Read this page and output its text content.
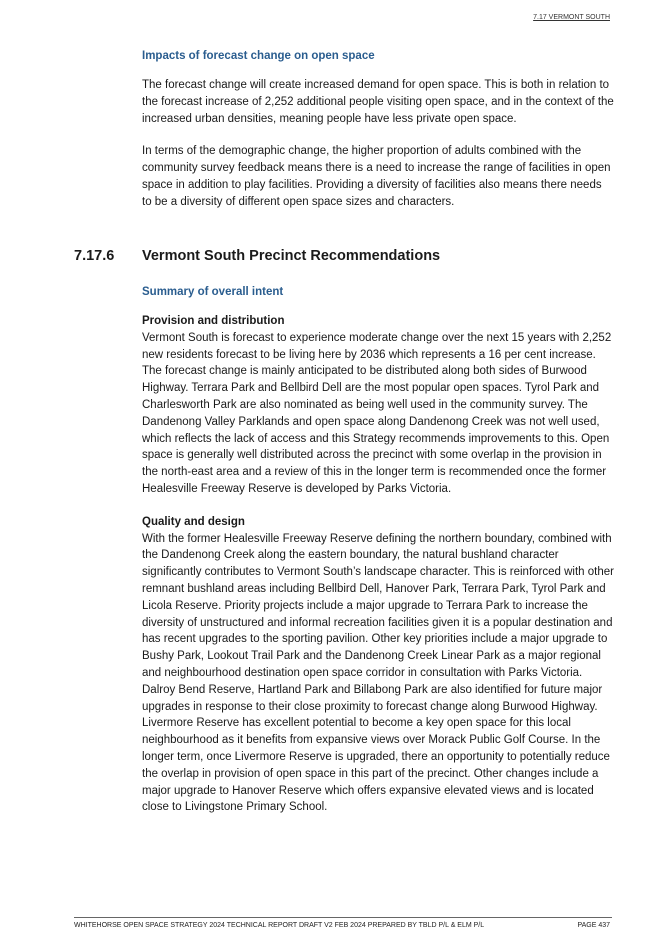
7.17 VERMONT SOUTH
Impacts of forecast change on open space

The forecast change will create increased demand for open space. This is both in relation to the forecast increase of 2,252 additional people visiting open space, and in the context of the increased urban densities, meaning people have less private open space.

In terms of the demographic change, the higher proportion of adults combined with the community survey feedback means there is a need to increase the range of facilities in open space in addition to play facilities. Providing a diversity of facilities also means there needs to be a diversity of different open space sizes and characters.

7.17.6 Vermont South Precinct Recommendations
Summary of overall intent

Provision and distribution

Vermont South is forecast to experience moderate change over the next 15 years with 2,252 new residents forecast to be living here by 2036 which represents a 16 per cent increase. The forecast change is mainly anticipated to be distributed along both sides of Burwood Highway. Terrara Park and Bellbird Dell are the most popular open spaces. Tyrol Park and Charlesworth Park are also nominated as being well used in the community survey. The Dandenong Valley Parklands and open space along Dandenong Creek was not well used, which reflects the lack of access and this Strategy recommends improvements to this. Open space is generally well distributed across the precinct with some overlap in the provision in the north-east area and a review of this in the longer term is recommended once the former Healesville Freeway Reserve is developed by Parks Victoria.

Quality and design

With the former Healesville Freeway Reserve defining the northern boundary, combined with the Dandenong Creek along the eastern boundary, the natural bushland character significantly contributes to Vermont South’s landscape character. This is reinforced with other remnant bushland areas including Bellbird Dell, Hanover Park, Terrara Park, Tyrol Park and Licola Reserve. Priority projects include a major upgrade to Terrara Park to increase the diversity of unstructured and informal recreation facilities given it is a popular destination and has recent upgrades to the sporting pavilion. Other key priorities include a major upgrade to Bushy Park, Lookout Trail Park and the Dandenong Creek Linear Park as a major regional and neighbourhood destination open space corridor in consultation with Parks Victoria. Dalroy Bend Reserve, Hartland Park and Billabong Park are also identified for future major upgrades in response to their close proximity to forecast change along Burwood Highway. Livermore Reserve has excellent potential to become a key open space for this local neighbourhood as it benefits from expansive views over Morack Public Golf Course. In the longer term, once Livermore Reserve is upgraded, there an opportunity to potentially reduce the overlap in provision of open space in this part of the precinct. Other changes include a major upgrade to Hanover Reserve which offers expansive elevated views and is located close to Livingstone Primary School.

WHITEHORSE OPEN SPACE STRATEGY 2024 TECHNICAL REPORT DRAFT V2 FEB 2024 PREPARED BY TBLD P/L & ELM P/L	PAGE 437
